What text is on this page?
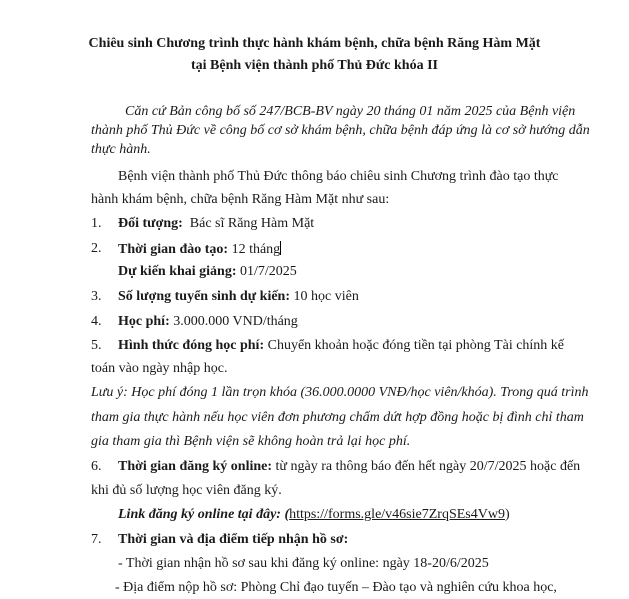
Chiêu sinh Chương trình thực hành khám bệnh, chữa bệnh Răng Hàm Mặt
tại Bệnh viện thành phố Thủ Đức khóa II
Căn cứ Bản công bố số 247/BCB-BV ngày 20 tháng 01 năm 2025 của Bệnh viện
thành phố Thủ Đức về công bố cơ sở khám bệnh, chữa bệnh đáp ứng là cơ sở hướng dẫn
thực hành.
Bệnh viện thành phố Thủ Đức thông báo chiêu sinh Chương trình đào tạo thực
hành khám bệnh, chữa bệnh Răng Hàm Mặt như sau:
1. Đối tượng: Bác sĩ Răng Hàm Mặt
2. Thời gian đào tạo: 12 tháng
Dự kiến khai giảng: 01/7/2025
3. Số lượng tuyển sinh dự kiến: 10 học viên
4. Học phí: 3.000.000 VND/tháng
5. Hình thức đóng học phí: Chuyển khoản hoặc đóng tiền tại phòng Tài chính kế
toán vào ngày nhập học.
Lưu ý: Học phí đóng 1 lần trọn khóa (36.000.0000 VNĐ/học viên/khóa). Trong quá trình
tham gia thực hành nếu học viên đơn phương chấm dứt hợp đồng hoặc bị đình chỉ tham
gia tham gia thì Bệnh viện sẽ không hoàn trả lại học phí.
6. Thời gian đăng ký online: từ ngày ra thông báo đến hết ngày 20/7/2025 hoặc đến
khi đủ số lượng học viên đăng ký.
Link đăng ký online tại đây: (https://forms.gle/v46sie7ZrqSEs4Vw9)
7. Thời gian và địa điểm tiếp nhận hồ sơ:
- Thời gian nhận hồ sơ sau khi đăng ký online: ngày 18-20/6/2025
- Địa điểm nộp hồ sơ: Phòng Chỉ đạo tuyến – Đào tạo và nghiên cứu khoa học,
